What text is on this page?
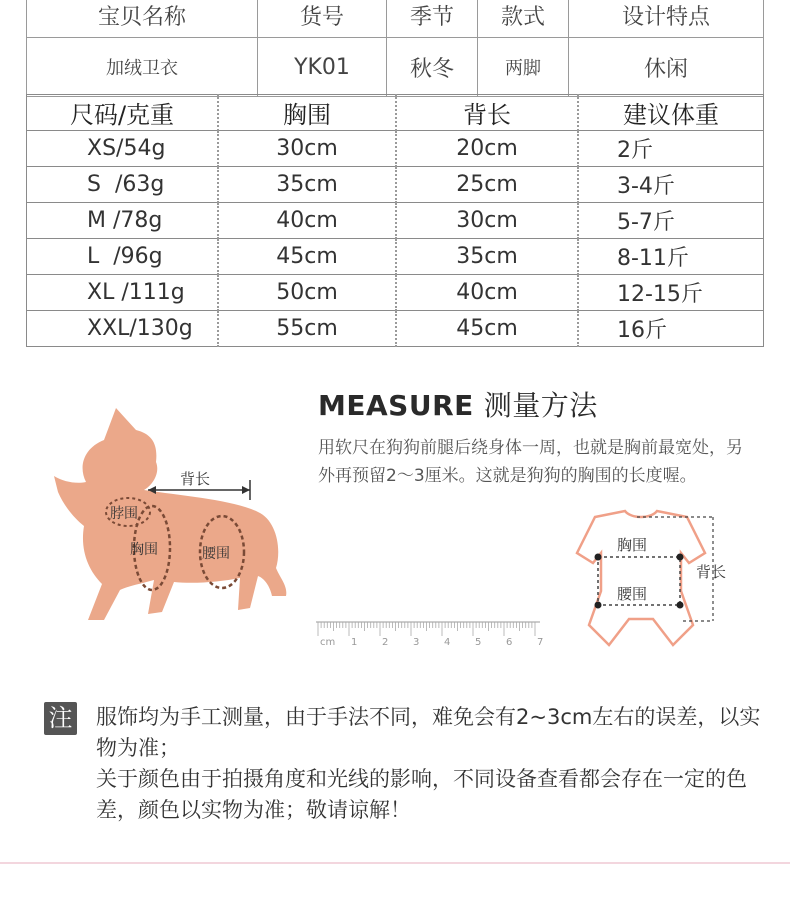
宝贝名称	货号	季节	款式	设计特点
加绒卫衣	YK01	秋冬	两脚	休闲
尺码/克重	胸围	背长	建议体重
XS/54g	30cm	20cm	2斤
S  /63g	35cm	25cm	3-4斤
M /78g	40cm	30cm	5-7斤
L  /96g	45cm	35cm	8-11斤
XL /111g	50cm	40cm	12-15斤
XXL/130g	55cm	45cm	16斤
背长
脖围
胸围	腰围
MEASURE 测量方法
用软尺在狗狗前腿后绕身体一周，也就是胸前最宽处，另外再预留2～3厘米。这就是狗狗的胸围的长度喔。
cm 1 2 3 4 5 6 7
胸围
腰围
背长
注 服饰均为手工测量，由于手法不同，难免会有2~3cm左右的误差，以实物为准；

关于颜色由于拍摄角度和光线的影响，不同设备查看都会存在一定的色差，颜色以实物为准；敬请谅解！
